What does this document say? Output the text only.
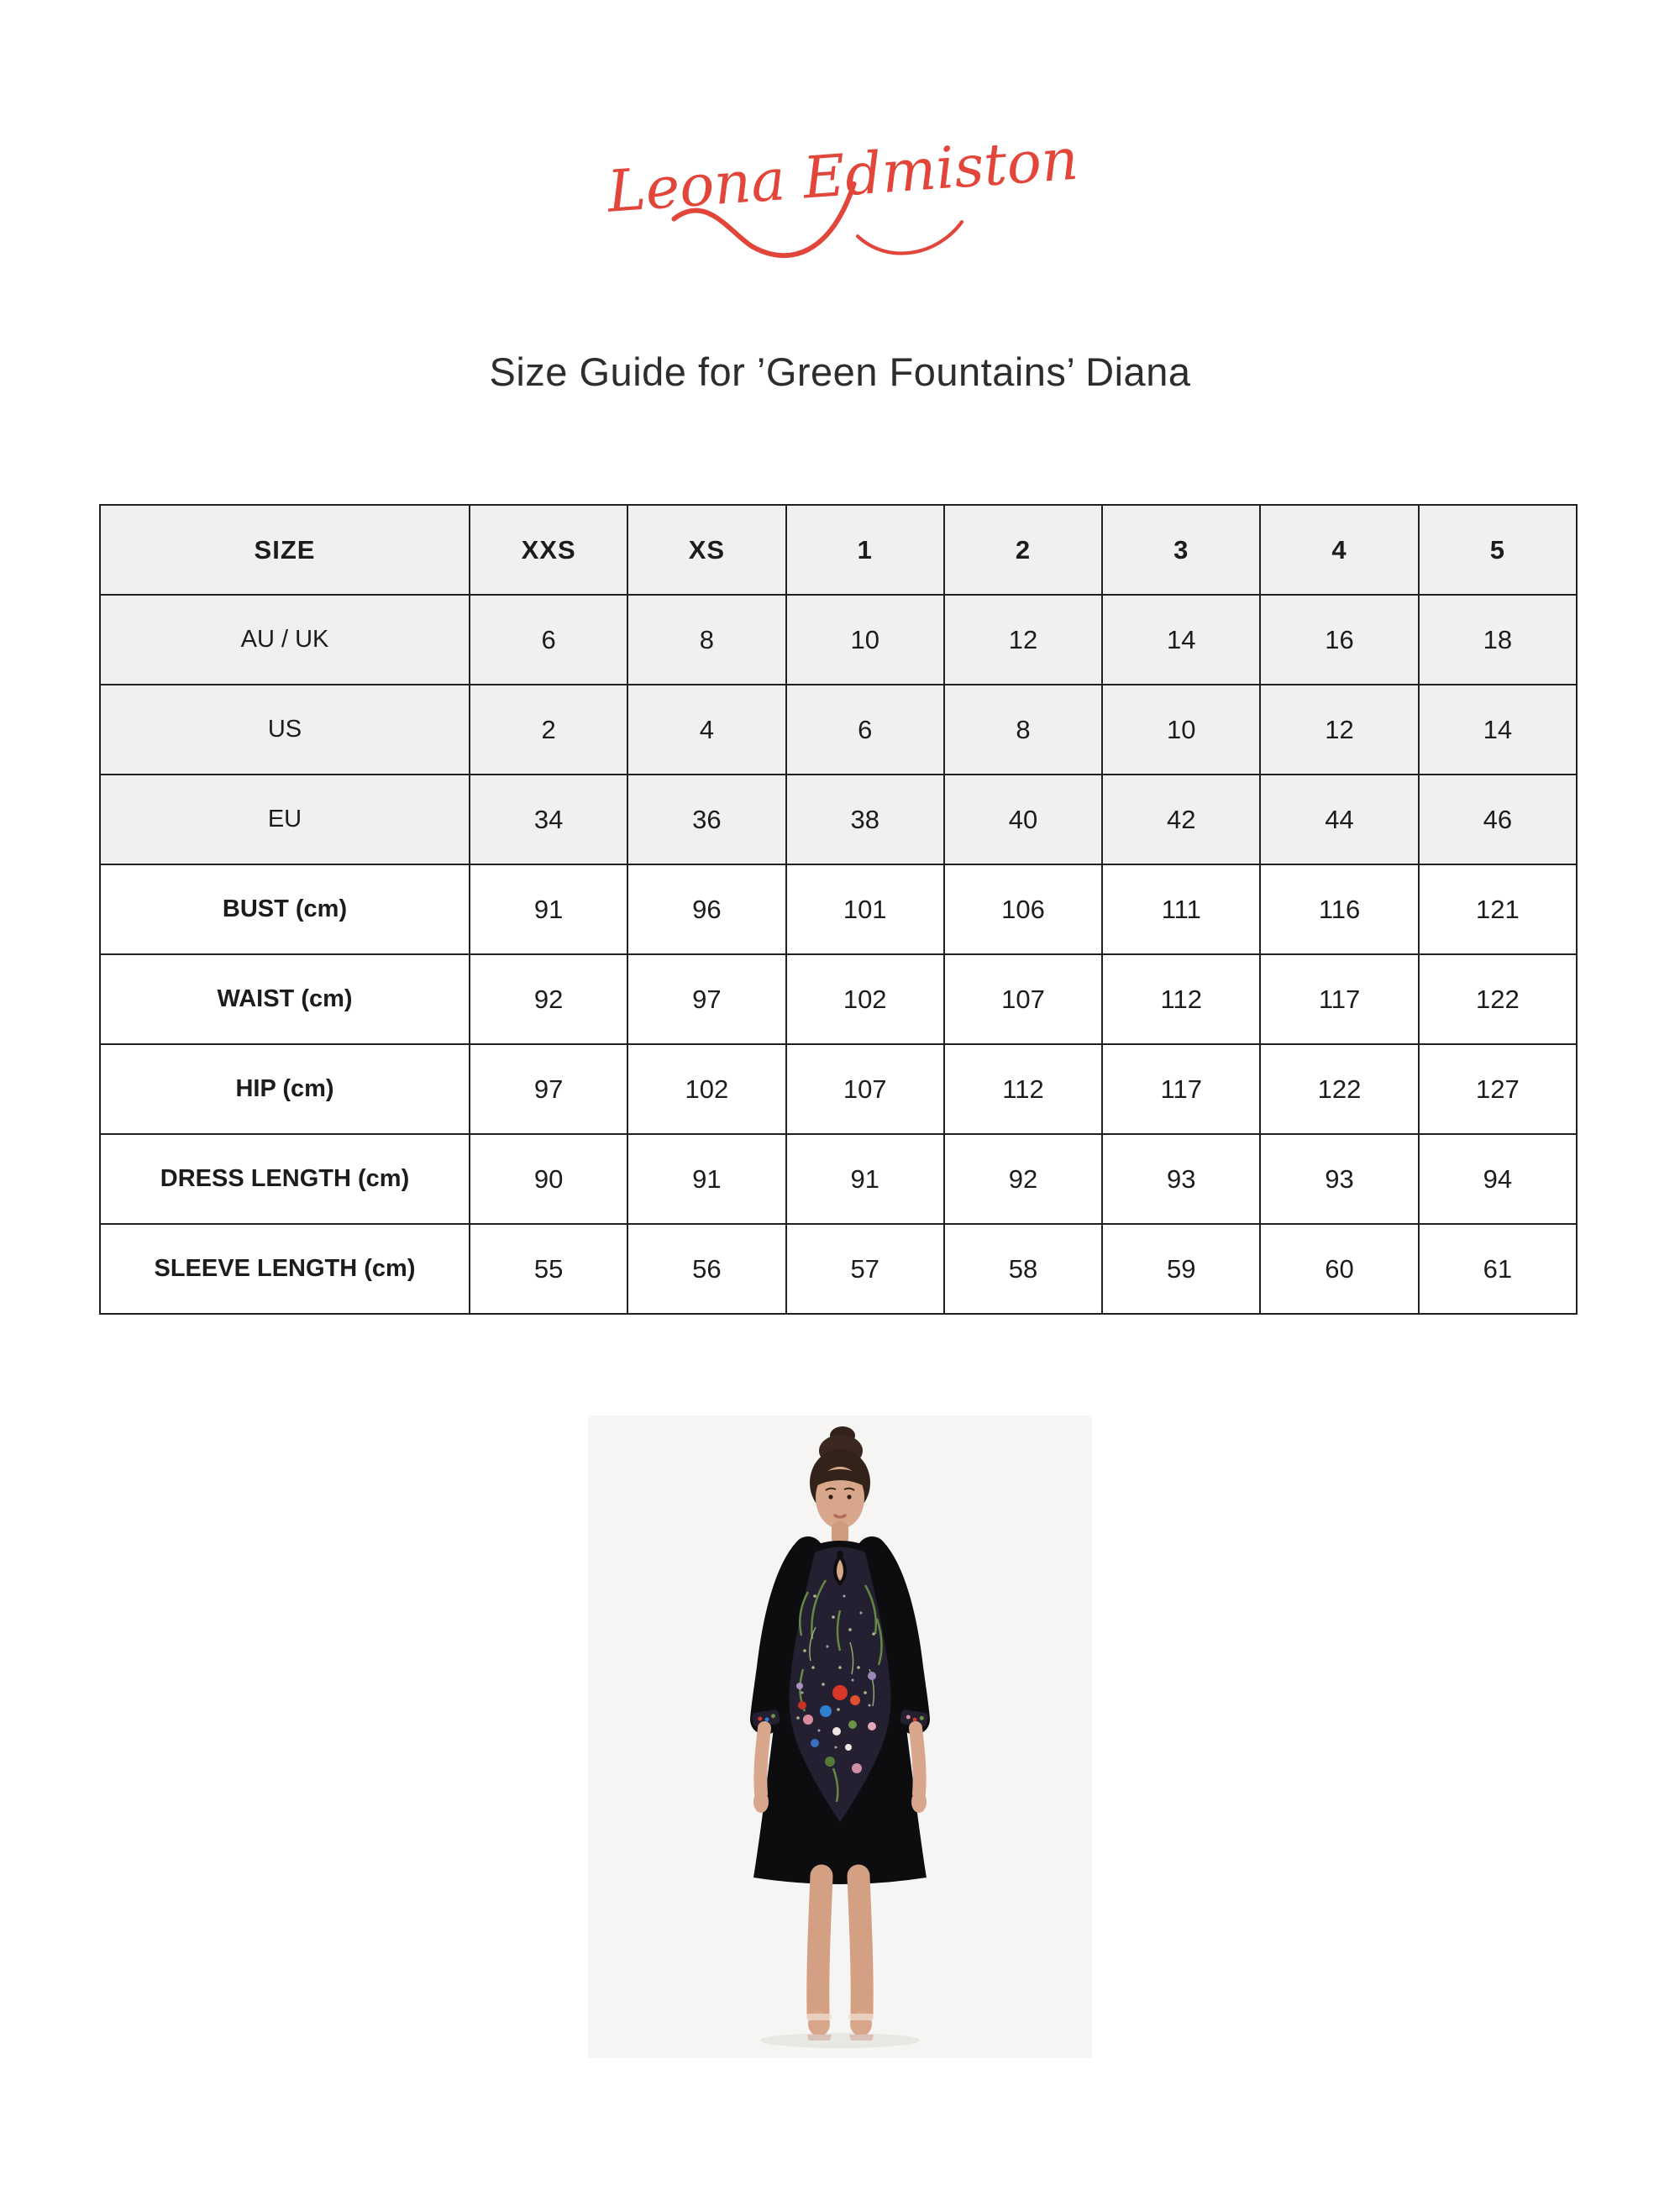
Leona Edmiston
Size Guide for ’Green Fountains’ Diana
SIZE	XXS	XS	1	2	3	4	5
AU / UK	6	8	10	12	14	16	18
US	2	4	6	8	10	12	14
EU	34	36	38	40	42	44	46
BUST (cm)	91	96	101	106	111	116	121
WAIST (cm)	92	97	102	107	112	117	122
HIP (cm)	97	102	107	112	117	122	127
DRESS LENGTH (cm)	90	91	91	92	93	93	94
SLEEVE LENGTH (cm)	55	56	57	58	59	60	61
